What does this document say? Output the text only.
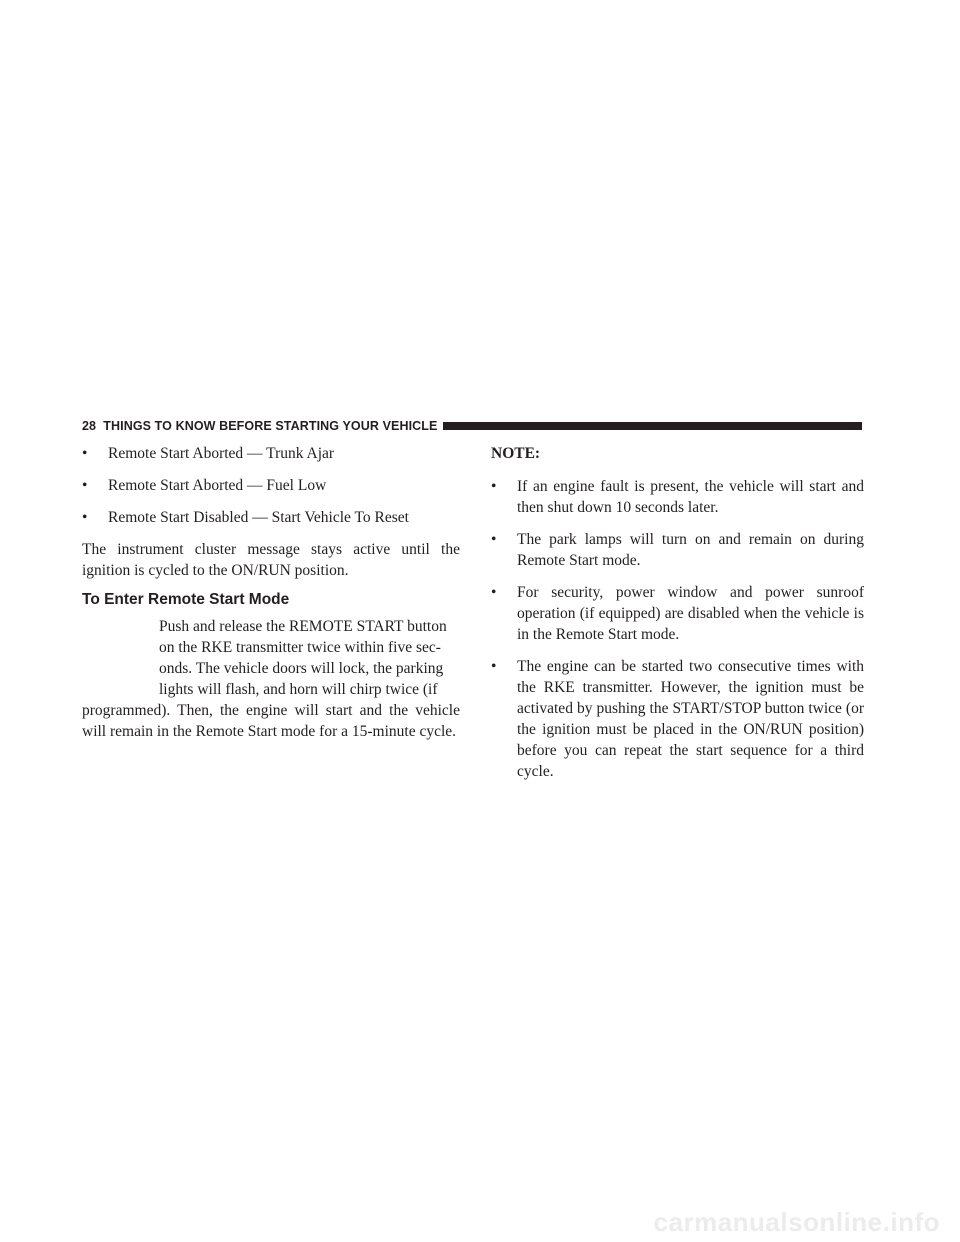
28 THINGS TO KNOW BEFORE STARTING YOUR VEHICLE
•	Remote Start Aborted — Trunk Ajar
•	Remote Start Aborted — Fuel Low
•	Remote Start Disabled — Start Vehicle To Reset

The instrument cluster message stays active until the ignition is cycled to the ON/RUN position.

To Enter Remote Start Mode
Push and release the REMOTE START button
on the RKE transmitter twice within five sec-
onds. The vehicle doors will lock, the parking
lights will flash, and horn will chirp twice (if
programmed). Then, the engine will start and the vehicle will remain in the Remote Start mode for a 15-minute cycle.
NOTE:
•	If an engine fault is present, the vehicle will start and then shut down 10 seconds later.
•	The park lamps will turn on and remain on during Remote Start mode.
•	For security, power window and power sunroof operation (if equipped) are disabled when the vehicle is in the Remote Start mode.
•	The engine can be started two consecutive times with the RKE transmitter. However, the ignition must be activated by pushing the START/STOP button twice (or the ignition must be placed in the ON/RUN position) before you can repeat the start sequence for a third cycle.
carmanualsonline.info
